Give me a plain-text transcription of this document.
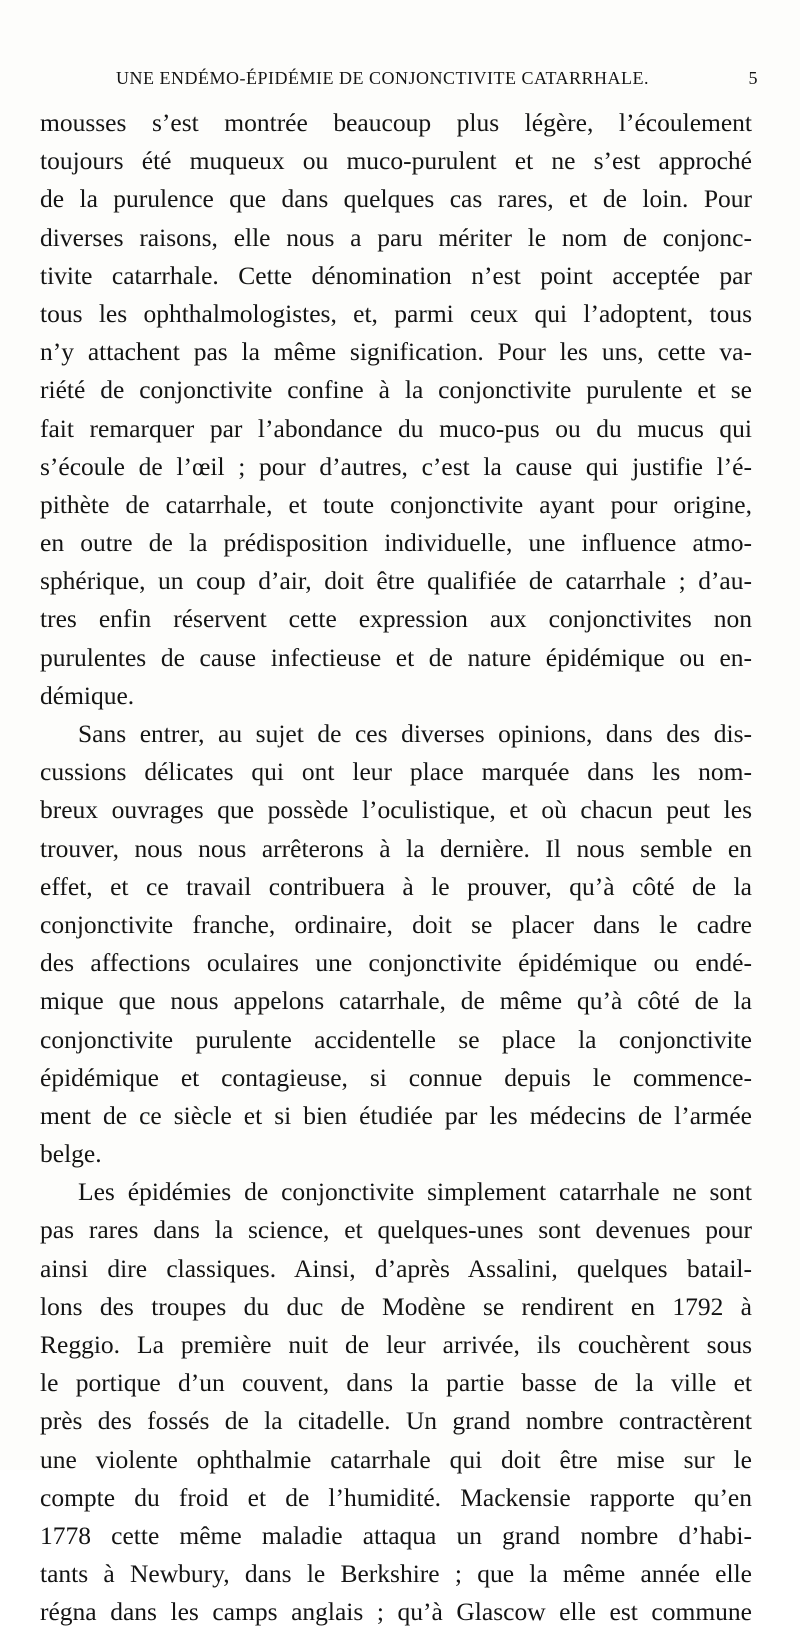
UNE ENDÉMO-ÉPIDÉMIE DE CONJONCTIVITE CATARRHALE.	5
mousses s’est montrée beaucoup plus légère, l’écoulement
toujours été muqueux ou muco-purulent et ne s’est approché
de la purulence que dans quelques cas rares, et de loin. Pour
diverses raisons, elle nous a paru mériter le nom de conjonc-
tivite catarrhale. Cette dénomination n’est point acceptée par
tous les ophthalmologistes, et, parmi ceux qui l’adoptent, tous
n’y attachent pas la même signification. Pour les uns, cette va-
riété de conjonctivite confine à la conjonctivite purulente et se
fait remarquer par l’abondance du muco-pus ou du mucus qui
s’écoule de l’œil ; pour d’autres, c’est la cause qui justifie l’é-
pithète de catarrhale, et toute conjonctivite ayant pour origine,
en outre de la prédisposition individuelle, une influence atmo-
sphérique, un coup d’air, doit être qualifiée de catarrhale ; d’au-
tres enfin réservent cette expression aux conjonctivites non
purulentes de cause infectieuse et de nature épidémique ou en-
démique.
Sans entrer, au sujet de ces diverses opinions, dans des dis-
cussions délicates qui ont leur place marquée dans les nom-
breux ouvrages que possède l’oculistique, et où chacun peut les
trouver, nous nous arrêterons à la dernière. Il nous semble en
effet, et ce travail contribuera à le prouver, qu’à côté de la
conjonctivite franche, ordinaire, doit se placer dans le cadre
des affections oculaires une conjonctivite épidémique ou endé-
mique que nous appelons catarrhale, de même qu’à côté de la
conjonctivite purulente accidentelle se place la conjonctivite
épidémique et contagieuse, si connue depuis le commence-
ment de ce siècle et si bien étudiée par les médecins de l’armée
belge.
Les épidémies de conjonctivite simplement catarrhale ne sont
pas rares dans la science, et quelques-unes sont devenues pour
ainsi dire classiques. Ainsi, d’après Assalini, quelques batail-
lons des troupes du duc de Modène se rendirent en 1792 à
Reggio. La première nuit de leur arrivée, ils couchèrent sous
le portique d’un couvent, dans la partie basse de la ville et
près des fossés de la citadelle. Un grand nombre contractèrent
une violente ophthalmie catarrhale qui doit être mise sur le
compte du froid et de l’humidité. Mackensie rapporte qu’en
1778 cette même maladie attaqua un grand nombre d’habi-
tants à Newbury, dans le Berkshire ; que la même année elle
régna dans les camps anglais ; qu’à Glascow elle est commune
